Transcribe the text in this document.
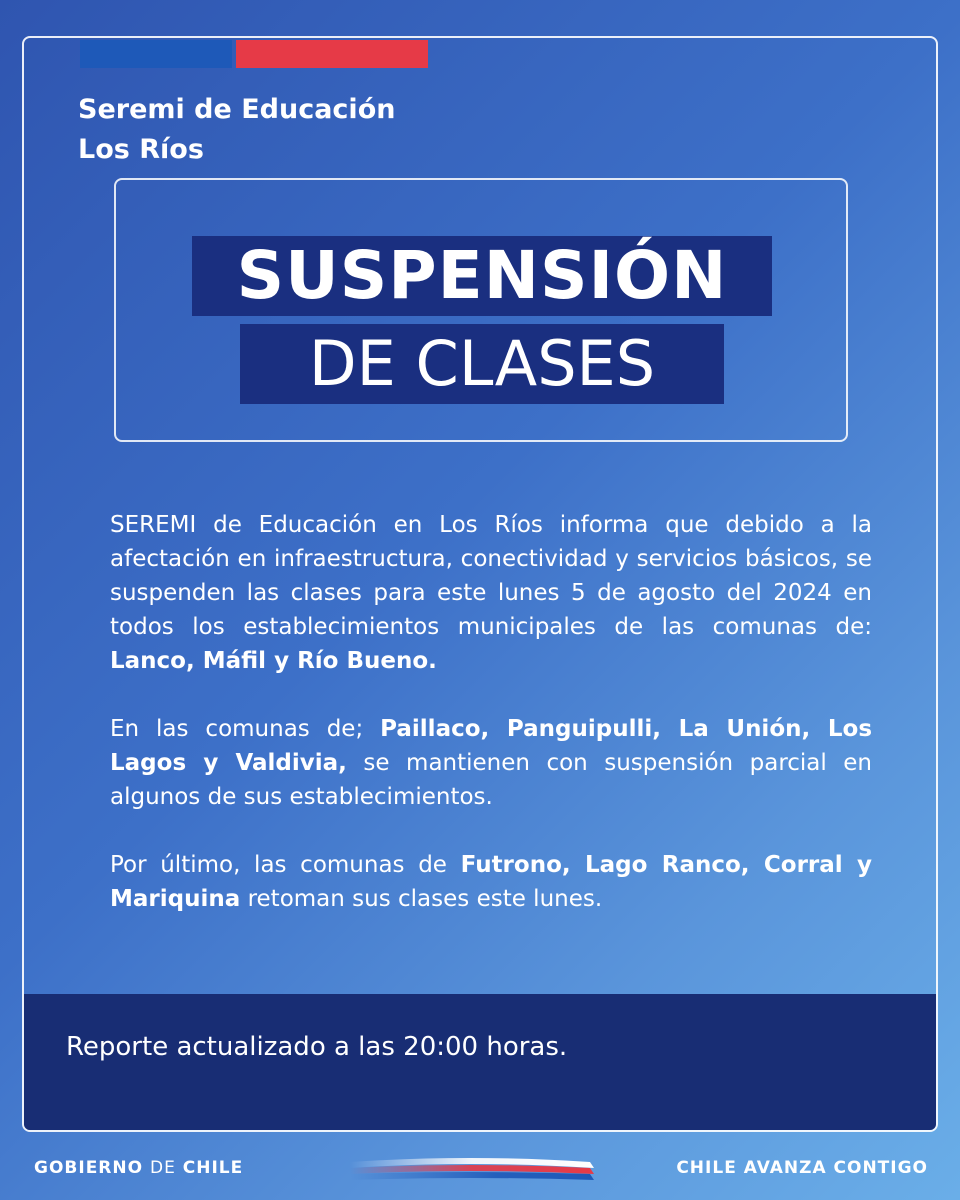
Seremi de Educación
Los Ríos
SUSPENSIÓN
DE CLASES

SEREMI de Educación en Los Ríos informa que debido a la afectación en infraestructura, conectividad y servicios básicos, se suspenden las clases para este lunes 5 de agosto del 2024 en todos los establecimientos municipales de las comunas de: Lanco, Máfil y Río Bueno.

En las comunas de; Paillaco, Panguipulli, La Unión, Los Lagos y Valdivia, se mantienen con suspensión parcial en algunos de sus establecimientos.

Por último, las comunas de Futrono, Lago Ranco, Corral y Mariquina retoman sus clases este lunes.

Reporte actualizado a las 20:00 horas.
GOBIERNO DE CHILE	CHILE AVANZA CONTIGO
